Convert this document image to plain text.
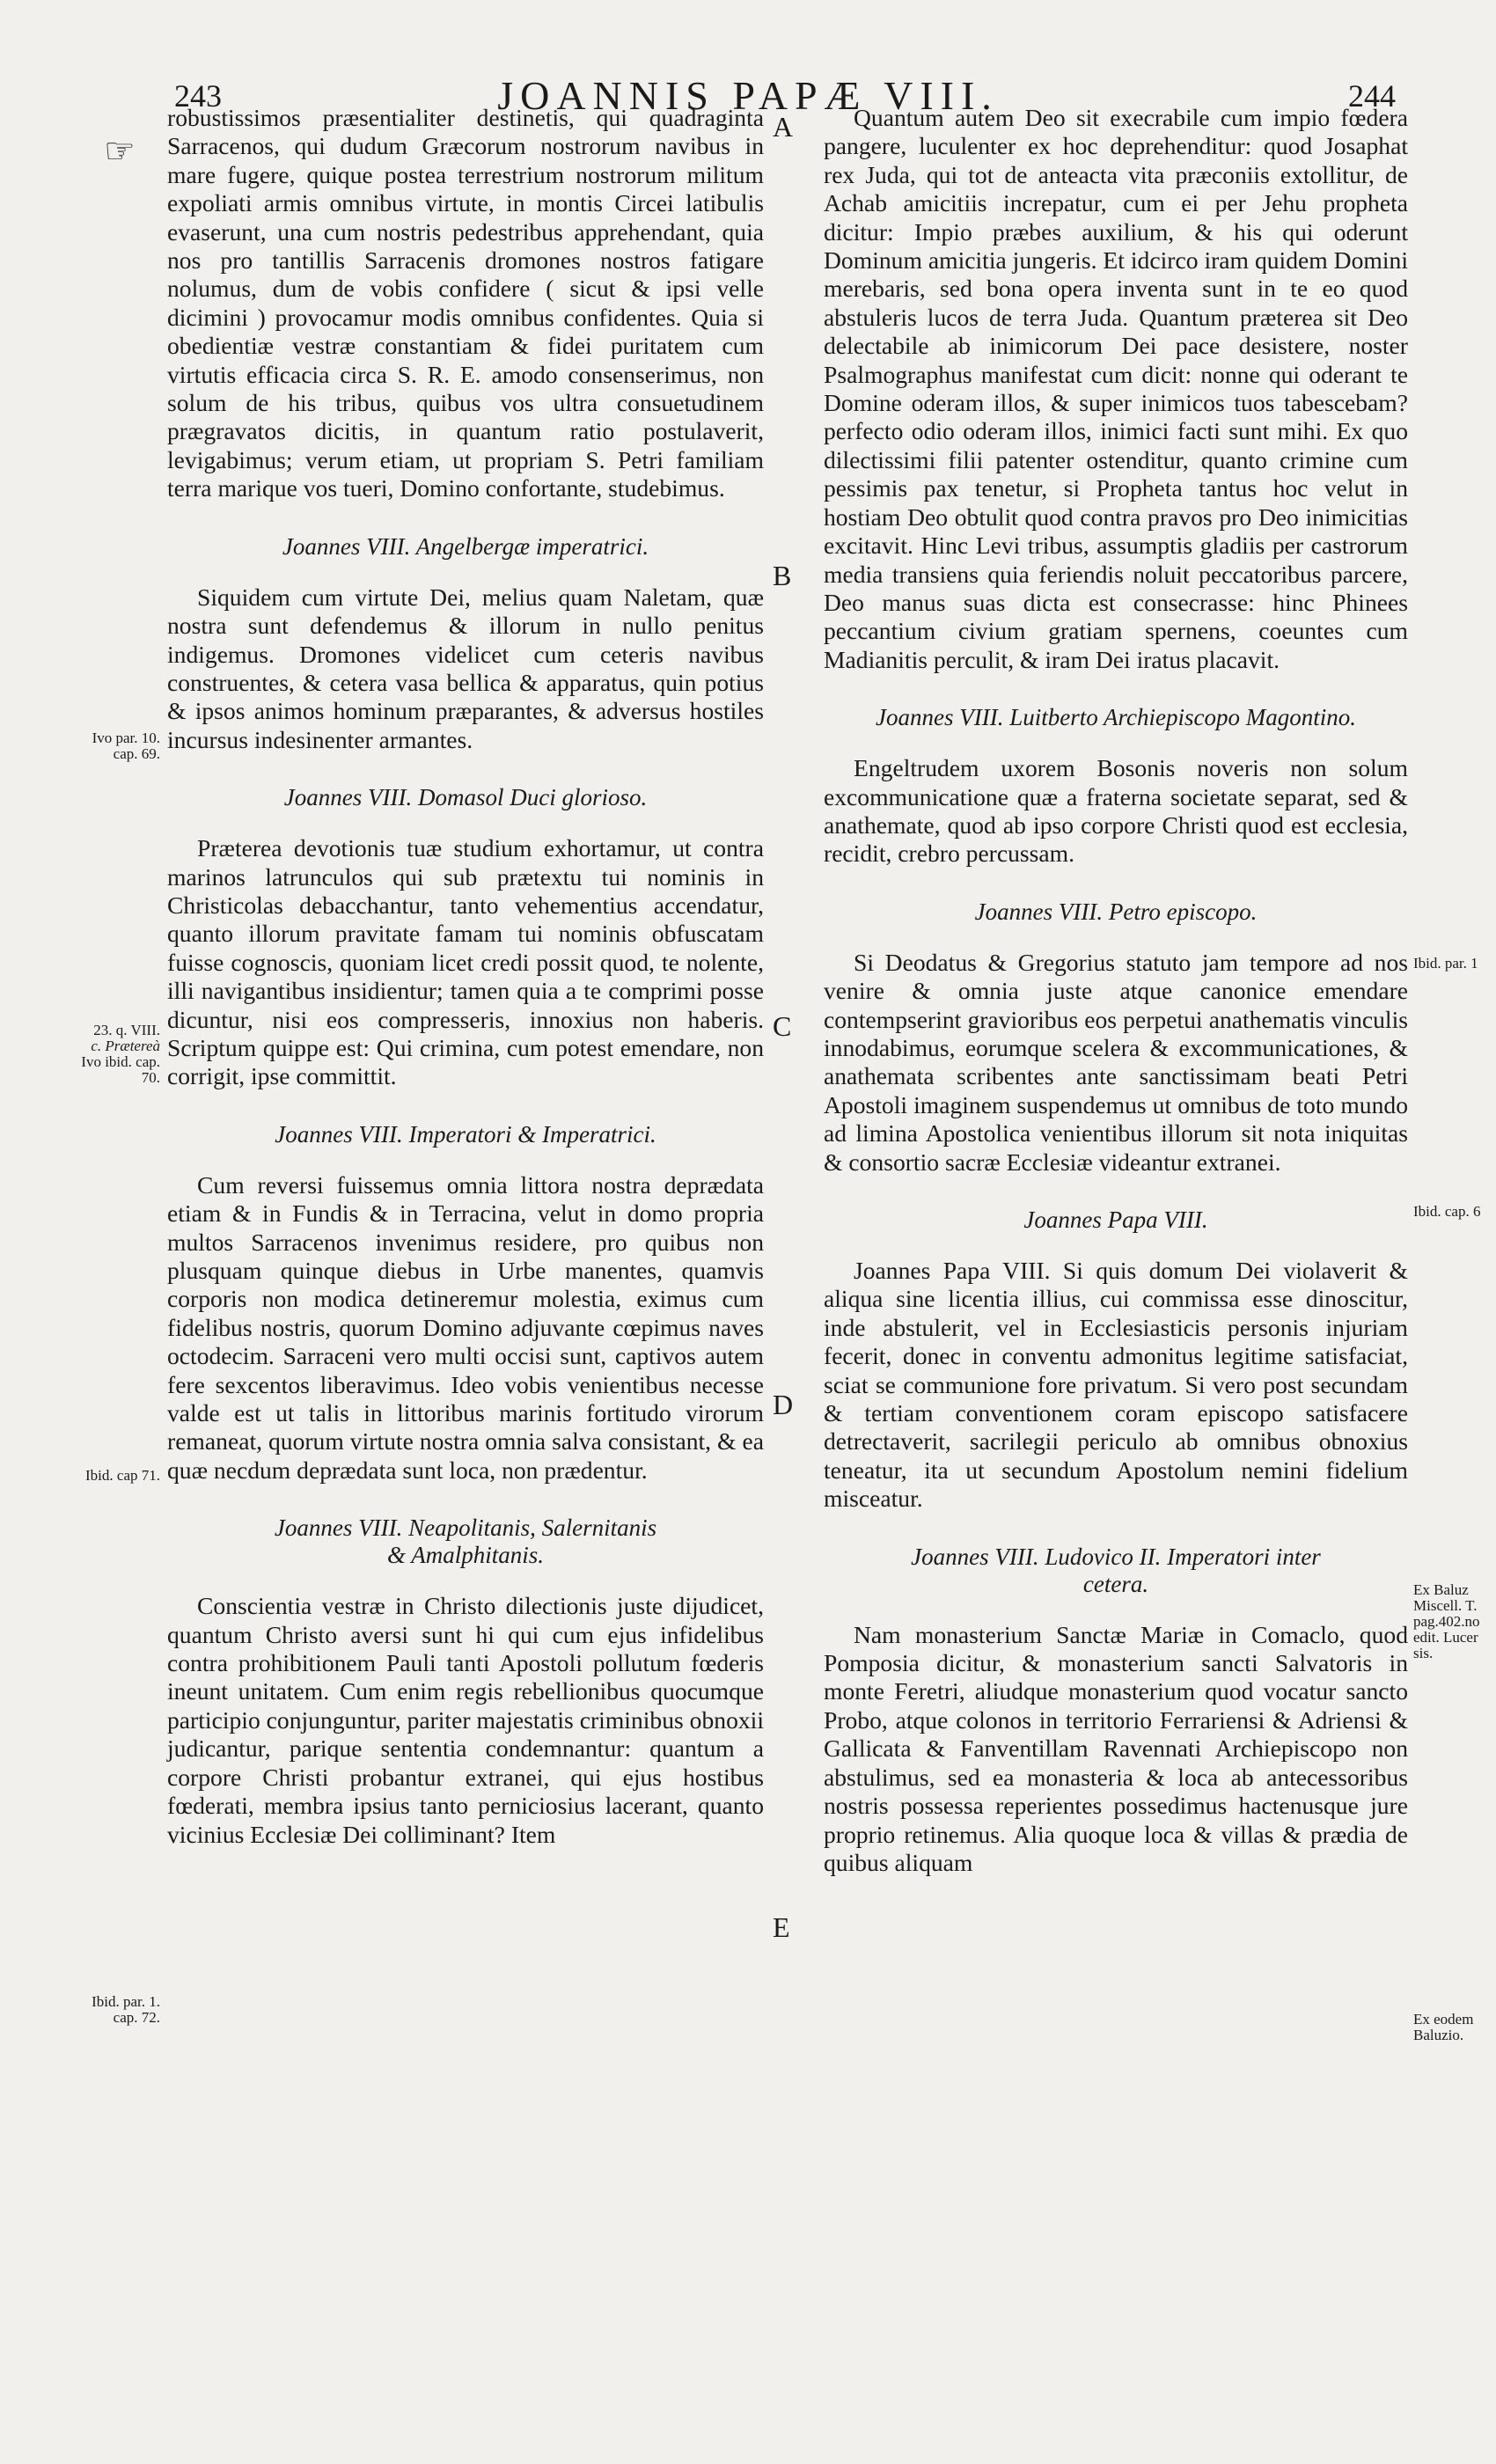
243	JOANNIS PAPÆ VIII.	244
☞
A
B
C
D
E
Ivo par. 10.
cap. 69.
23. q. VIII.
c. Prætereà
Ivo ibid. cap.
70.
Ibid. cap 71.
Ibid. par. 1.
cap. 72.
Ibid. par. 1
Ibid. cap. 6
Ex Baluz
Miscell. T.
pag.402.no
edit. Lucer
sis.
Ex eodem
Baluzio.

robustissimos præsentialiter destinetis, qui quadraginta Sarracenos, qui dudum Græcorum nostrorum navibus in mare fugere, quique postea terrestrium nostrorum militum expoliati armis omnibus virtute, in montis Circei latibulis evaserunt, una cum nostris pedestribus apprehendant, quia nos pro tantillis Sarracenis dromones nostros fatigare nolumus, dum de vobis confidere ( sicut & ipsi velle dicimini ) provocamur modis omnibus confidentes. Quia si obedientiæ vestræ constantiam & fidei puritatem cum virtutis efficacia circa S. R. E. amodo consenserimus, non solum de his tribus, quibus vos ultra consuetudinem prægravatos dicitis, in quantum ratio postulaverit, levigabimus; verum etiam, ut propriam S. Petri familiam terra marique vos tueri, Domino confortante, studebimus.

Joannes VIII. Angelbergæ imperatrici.

Siquidem cum virtute Dei, melius quam Naletam, quæ nostra sunt defendemus & illorum in nullo penitus indigemus. Dromones videlicet cum ceteris navibus construentes, & cetera vasa bellica & apparatus, quin potius & ipsos animos hominum præparantes, & adversus hostiles incursus indesinenter armantes.

Joannes VIII. Domasol Duci glorioso.

Præterea devotionis tuæ studium exhortamur, ut contra marinos latrunculos qui sub prætextu tui nominis in Christicolas debacchantur, tanto vehementius accendatur, quanto illorum pravitate famam tui nominis obfuscatam fuisse cognoscis, quoniam licet credi possit quod, te nolente, illi navigantibus insidientur; tamen quia a te comprimi posse dicuntur, nisi eos compresseris, innoxius non haberis. Scriptum quippe est: Qui crimina, cum potest emendare, non corrigit, ipse committit.

Joannes VIII. Imperatori & Imperatrici.

Cum reversi fuissemus omnia littora nostra deprædata etiam & in Fundis & in Terracina, velut in domo propria multos Sarracenos invenimus residere, pro quibus non plusquam quinque diebus in Urbe manentes, quamvis corporis non modica detineremur molestia, eximus cum fidelibus nostris, quorum Domino adjuvante cœpimus naves octodecim. Sarraceni vero multi occisi sunt, captivos autem fere sexcentos liberavimus. Ideo vobis venientibus necesse valde est ut talis in littoribus marinis fortitudo virorum remaneat, quorum virtute nostra omnia salva consistant, & ea quæ necdum deprædata sunt loca, non prædentur.

Joannes VIII. Neapolitanis, Salernitanis

& Amalphitanis.

Conscientia vestræ in Christo dilectionis juste dijudicet, quantum Christo aversi sunt hi qui cum ejus infidelibus contra prohibitionem Pauli tanti Apostoli pollutum fœderis ineunt unitatem. Cum enim regis rebellionibus quocumque participio conjunguntur, pariter majestatis criminibus obnoxii judicantur, parique sententia condemnantur: quantum a corpore Christi probantur extranei, qui ejus hostibus fœderati, membra ipsius tanto perniciosius lacerant, quanto vicinius Ecclesiæ Dei colliminant? Item

Quantum autem Deo sit execrabile cum impio fœdera pangere, luculenter ex hoc deprehenditur: quod Josaphat rex Juda, qui tot de anteacta vita præconiis extollitur, de Achab amicitiis increpatur, cum ei per Jehu propheta dicitur: Impio præbes auxilium, & his qui oderunt Dominum amicitia jungeris. Et idcirco iram quidem Domini merebaris, sed bona opera inventa sunt in te eo quod abstuleris lucos de terra Juda. Quantum præterea sit Deo delectabile ab inimicorum Dei pace desistere, noster Psalmographus manifestat cum dicit: nonne qui oderant te Domine oderam illos, & super inimicos tuos tabescebam? perfecto odio oderam illos, inimici facti sunt mihi. Ex quo dilectissimi filii patenter ostenditur, quanto crimine cum pessimis pax tenetur, si Propheta tantus hoc velut in hostiam Deo obtulit quod contra pravos pro Deo inimicitias excitavit. Hinc Levi tribus, assumptis gladiis per castrorum media transiens quia feriendis noluit peccatoribus parcere, Deo manus suas dicta est consecrasse: hinc Phinees peccantium civium gratiam spernens, coeuntes cum Madianitis perculit, & iram Dei iratus placavit.

Joannes VIII. Luitberto Archiepiscopo Magontino.

Engeltrudem uxorem Bosonis noveris non solum excommunicatione quæ a fraterna societate separat, sed & anathemate, quod ab ipso corpore Christi quod est ecclesia, recidit, crebro percussam.

Joannes VIII. Petro episcopo.

Si Deodatus & Gregorius statuto jam tempore ad nos venire & omnia juste atque canonice emendare contempserint gravioribus eos perpetui anathematis vinculis innodabimus, eorumque scelera & excommunicationes, & anathemata scribentes ante sanctissimam beati Petri Apostoli imaginem suspendemus ut omnibus de toto mundo ad limina Apostolica venientibus illorum sit nota iniquitas & consortio sacræ Ecclesiæ videantur extranei.

Joannes Papa VIII.

Joannes Papa VIII. Si quis domum Dei violaverit & aliqua sine licentia illius, cui commissa esse dinoscitur, inde abstulerit, vel in Ecclesiasticis personis injuriam fecerit, donec in conventu admonitus legitime satisfaciat, sciat se communione fore privatum. Si vero post secundam & tertiam conventionem coram episcopo satisfacere detrectaverit, sacrilegii periculo ab omnibus obnoxius teneatur, ita ut secundum Apostolum nemini fidelium misceatur.

Joannes VIII. Ludovico II. Imperatori inter

cetera.

Nam monasterium Sanctæ Mariæ in Comaclo, quod Pomposia dicitur, & monasterium sancti Salvatoris in monte Feretri, aliudque monasterium quod vocatur sancto Probo, atque colonos in territorio Ferrariensi & Adriensi & Gallicata & Fanventillam Ravennati Archiepiscopo non abstulimus, sed ea monasteria & loca ab antecessoribus nostris possessa reperientes possedimus hactenusque jure proprio retinemus. Alia quoque loca & villas & prædia de quibus aliquam
